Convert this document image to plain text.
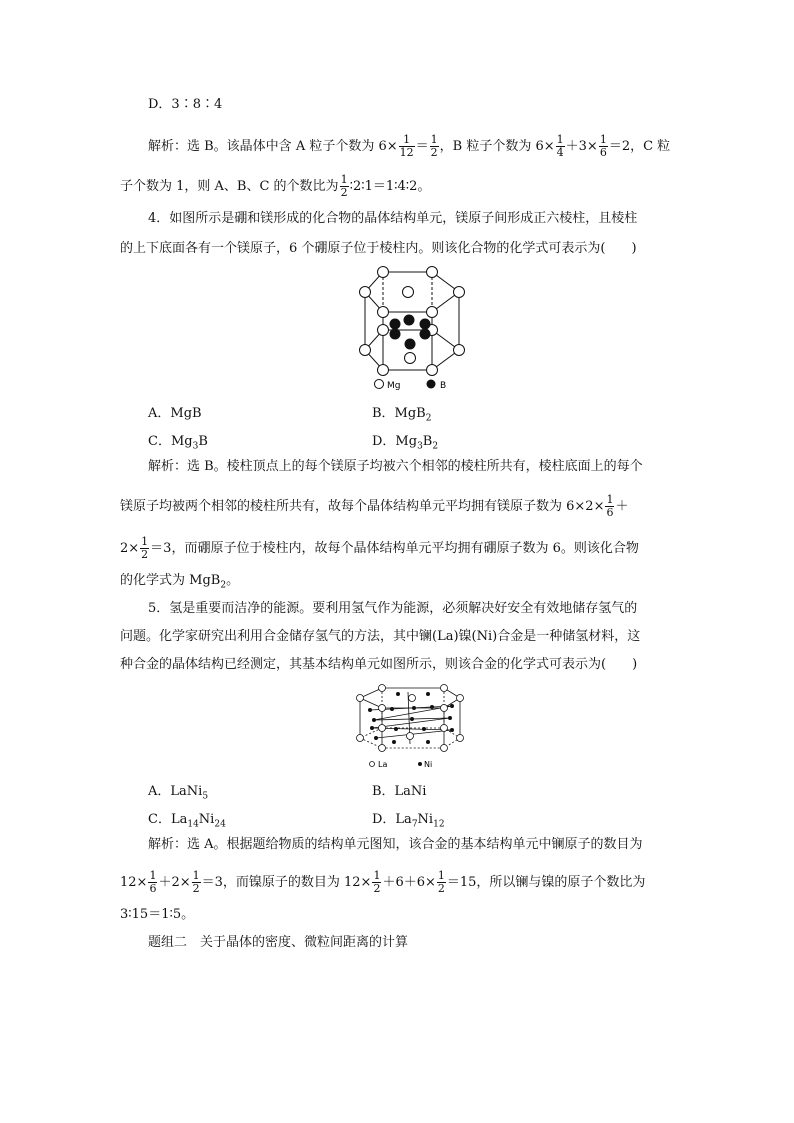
D．3∶8∶4
解析：选 B。该晶体中含 A 粒子个数为 $6\times \frac{1}{12} = \frac{1}{2}$ ，B 粒子个数为 $6\times \frac{1}{4} +3\times \frac{1}{6} =2$，C 粒
子个数为 1，则 A、B、C 的个数比为 $\frac{1}{2}$ ∶2∶1＝1∶4∶2。
4．如图所示是硼和镁形成的化合物的晶体结构单元，镁原子间形成正六棱柱，且棱柱
的上下底面各有一个镁原子，6 个硼原子位于棱柱内。则该化合物的化学式可表示为(　　)
Mg	B
A．MgB	B．MgB$_2$
C．$Mg_3B$	D．$Mg_3B_2$
解析：选 B。棱柱顶点上的每个镁原子均被六个相邻的棱柱所共有，棱柱底面上的每个
镁原子均被两个相邻的棱柱所共有，故每个晶体结构单元平均拥有镁原子数为 $6\times 2\times \frac{1}{6}$ ＋
$2\times \frac{1}{2} =3$，而硼原子位于棱柱内，故每个晶体结构单元平均拥有硼原子数为 6。则该化合物
的化学式为 MgB$_2$。
5．氢是重要而洁净的能源。要利用氢气作为能源，必须解决好安全有效地储存氢气的
问题。化学家研究出利用合金储存氢气的方法，其中镧(La)镍(Ni)合金是一种储氢材料，这
种合金的晶体结构已经测定，其基本结构单元如图所示，则该合金的化学式可表示为(　　)
La	Ni
A．LaNi$_5$	B．LaNi
C．$La_{14}Ni_{24}$	D．$La_7Ni_{12}$
解析：选 A。根据题给物质的结构单元图知，该合金的基本结构单元中镧原子的数目为
$12\times \frac{1}{6} +2\times \frac{1}{2} =3$，而镍原子的数目为 $12\times \frac{1}{2} +6+6\times \frac{1}{2} =15$，所以镧与镍的原子个数比为
3∶15＝1∶5。
题组二　关于晶体的密度、微粒间距离的计算
